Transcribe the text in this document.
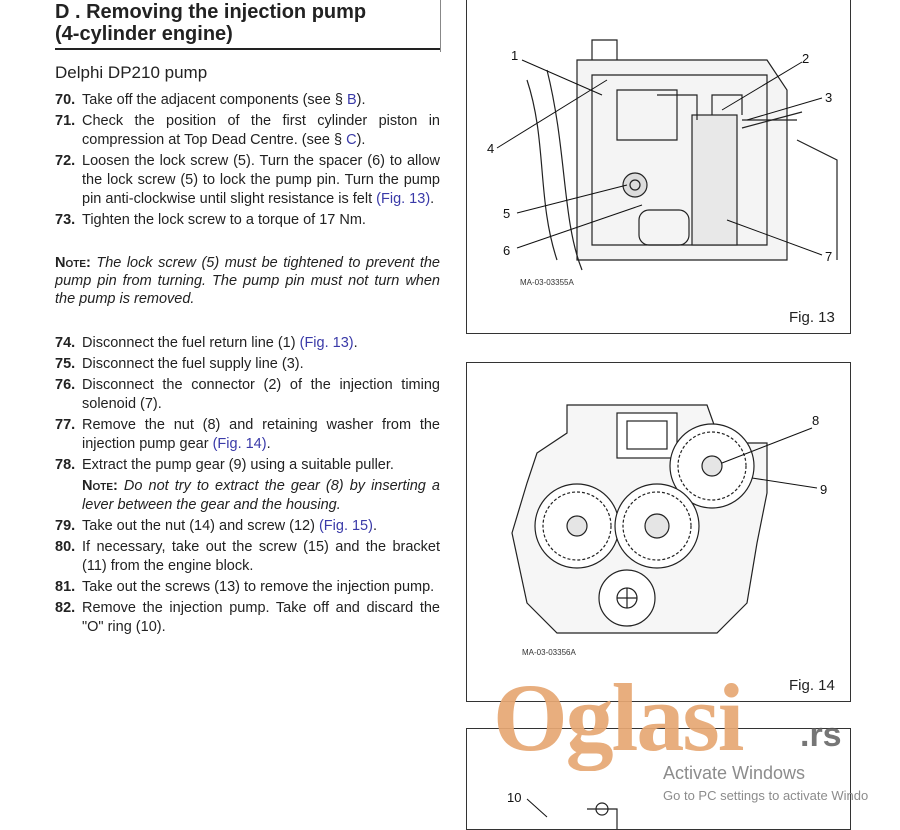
D . Removing the injection pump
(4-cylinder engine)
Delphi DP210 pump
70. Take off the adjacent components (see § B).
71. Check the position of the first cylinder piston in compression at Top Dead Centre. (see § C).
72. Loosen the lock screw (5). Turn the spacer (6) to allow the lock screw (5) to lock the pump pin. Turn the pump pin anti-clockwise until slight resistance is felt (Fig. 13).
73. Tighten the lock screw to a torque of 17 Nm.
Note: The lock screw (5) must be tightened to prevent the pump pin from turning. The pump pin must not turn when the pump is removed.
74. Disconnect the fuel return line (1) (Fig. 13).
75. Disconnect the fuel supply line (3).
76. Disconnect the connector (2) of the injection timing solenoid (7).
77. Remove the nut (8) and retaining washer from the injection pump gear (Fig. 14).
78. Extract the pump gear (9) using a suitable puller.
Note: Do not try to extract the gear (8) by inserting a lever between the gear and the housing.
79. Take out the nut (14) and screw (12) (Fig. 15).
80. If necessary, take out the screw (15) and the bracket (11) from the engine block.
81. Take out the screws (13) to remove the injection pump.
82. Remove the injection pump. Take off and discard the "O" ring (10).
1	2
3
4
5
6	7
MA-03-03355A
Fig. 13
8
9
MA-03-03356A
Fig. 14
10
Oglasi .rs
Activate Windows
Go to PC settings to activate Windo
